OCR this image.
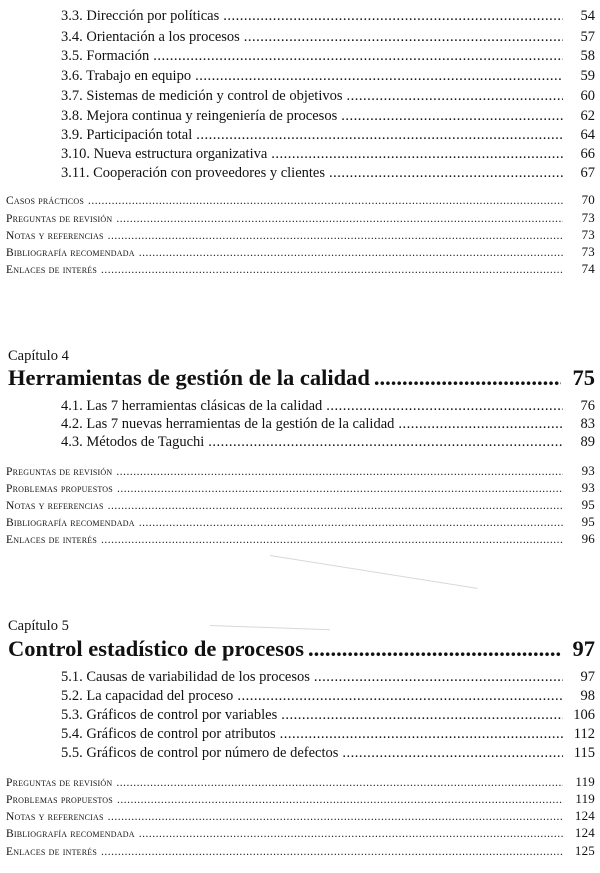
3.3. Dirección por políticas .....	54
3.4. Orientación a los procesos .....	57
3.5. Formación .....	58
3.6. Trabajo en equipo .....	59
3.7. Sistemas de medición y control de objetivos .....	60
3.8. Mejora continua y reingeniería de procesos .....	62
3.9. Participación total .....	64
3.10. Nueva estructura organizativa .....	66
3.11. Cooperación con proveedores y clientes .....	67
Casos prácticos .....	70
Preguntas de revisión .....	73
Notas y referencias .....	73
Bibliografía recomendada .....	73
Enlaces de interés .....	74
Capítulo 4
Herramientas de gestión de la calidad .....	75
4.1. Las 7 herramientas clásicas de la calidad .....	76
4.2. Las 7 nuevas herramientas de la gestión de la calidad .....	83
4.3. Métodos de Taguchi .....	89
Preguntas de revisión .....	93
Problemas propuestos .....	93
Notas y referencias .....	95
Bibliografía recomendada .....	95
Enlaces de interés .....	96
Capítulo 5
Control estadístico de procesos .....	97
5.1. Causas de variabilidad de los procesos .....	97
5.2. La capacidad del proceso .....	98
5.3. Gráficos de control por variables .....	106
5.4. Gráficos de control por atributos .....	112
5.5. Gráficos de control por número de defectos .....	115
Preguntas de revisión .....	119
Problemas propuestos .....	119
Notas y referencias .....	124
Bibliografía recomendada .....	124
Enlaces de interés .....	125
